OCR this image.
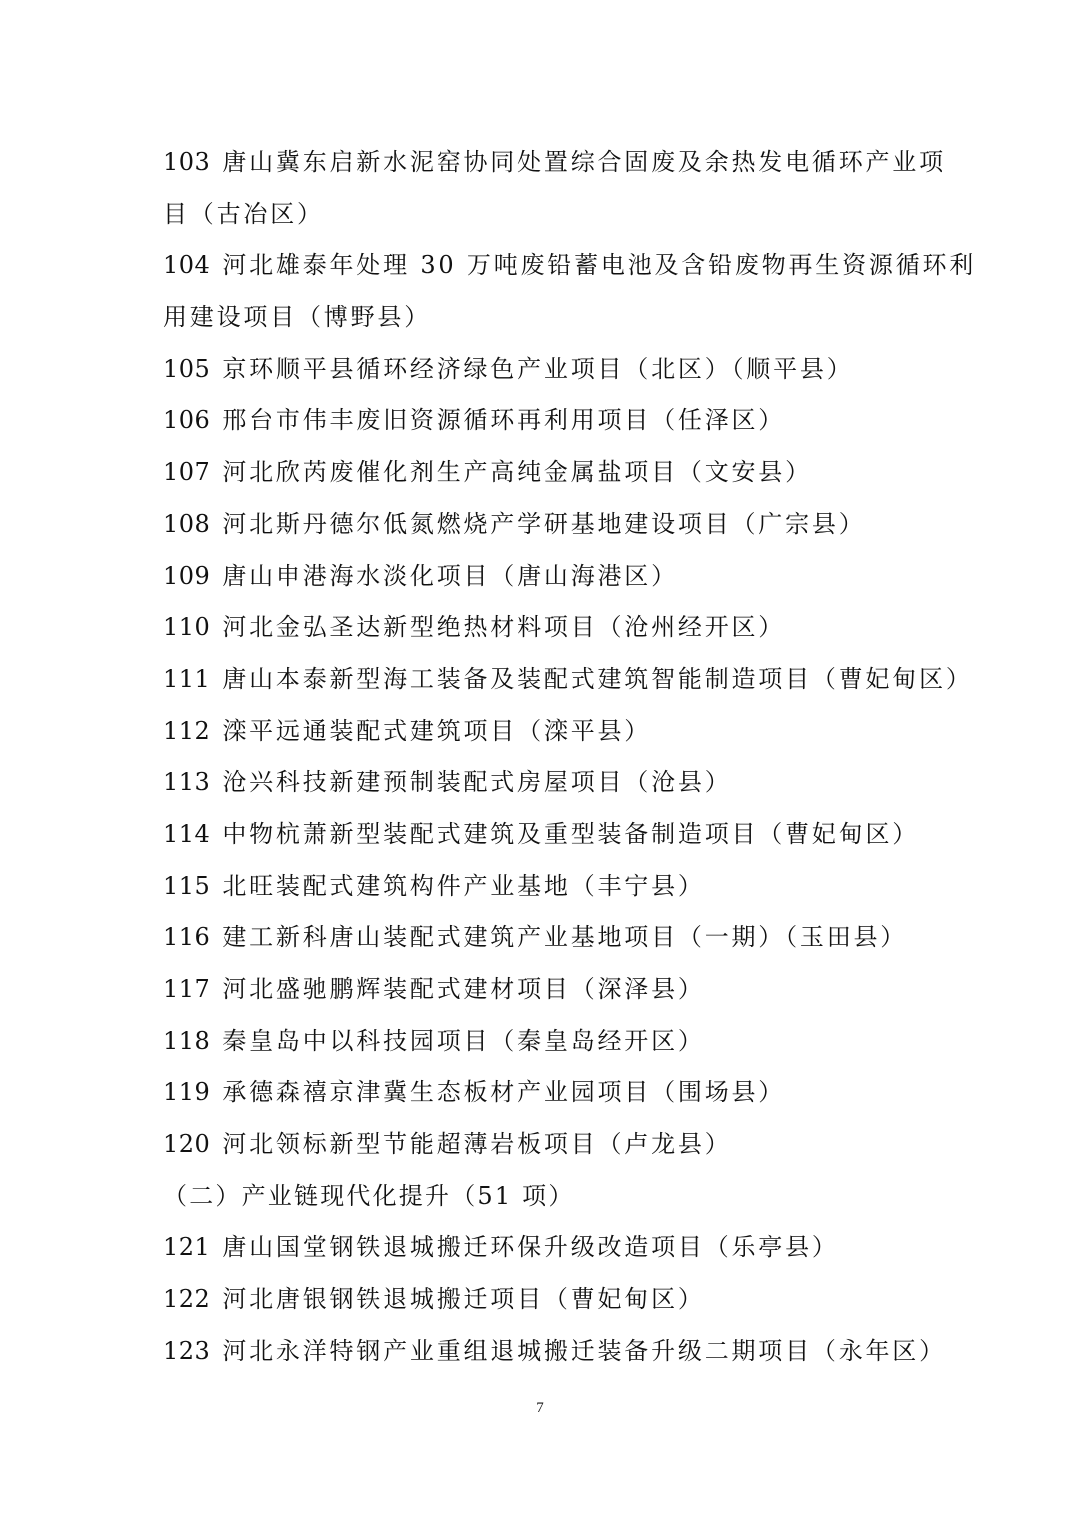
103 唐山冀东启新水泥窑协同处置综合固废及余热发电循环产业项
目（古冶区）
104 河北雄泰年处理 30 万吨废铅蓄电池及含铅废物再生资源循环利
用建设项目（博野县）
105 京环顺平县循环经济绿色产业项目（北区）（顺平县）
106 邢台市伟丰废旧资源循环再利用项目（任泽区）
107 河北欣芮废催化剂生产高纯金属盐项目（文安县）
108 河北斯丹德尔低氮燃烧产学研基地建设项目（广宗县）
109 唐山申港海水淡化项目（唐山海港区）
110 河北金弘圣达新型绝热材料项目（沧州经开区）
111 唐山本泰新型海工装备及装配式建筑智能制造项目（曹妃甸区）
112 滦平远通装配式建筑项目（滦平县）
113 沧兴科技新建预制装配式房屋项目（沧县）
114 中物杭萧新型装配式建筑及重型装备制造项目（曹妃甸区）
115 北旺装配式建筑构件产业基地（丰宁县）
116 建工新科唐山装配式建筑产业基地项目（一期）（玉田县）
117 河北盛驰鹏辉装配式建材项目（深泽县）
118 秦皇岛中以科技园项目（秦皇岛经开区）
119 承德森禧京津冀生态板材产业园项目（围场县）
120 河北领标新型节能超薄岩板项目（卢龙县）
（二）产业链现代化提升（51 项）
121 唐山国堂钢铁退城搬迁环保升级改造项目（乐亭县）
122 河北唐银钢铁退城搬迁项目（曹妃甸区）
123 河北永洋特钢产业重组退城搬迁装备升级二期项目（永年区）
7
